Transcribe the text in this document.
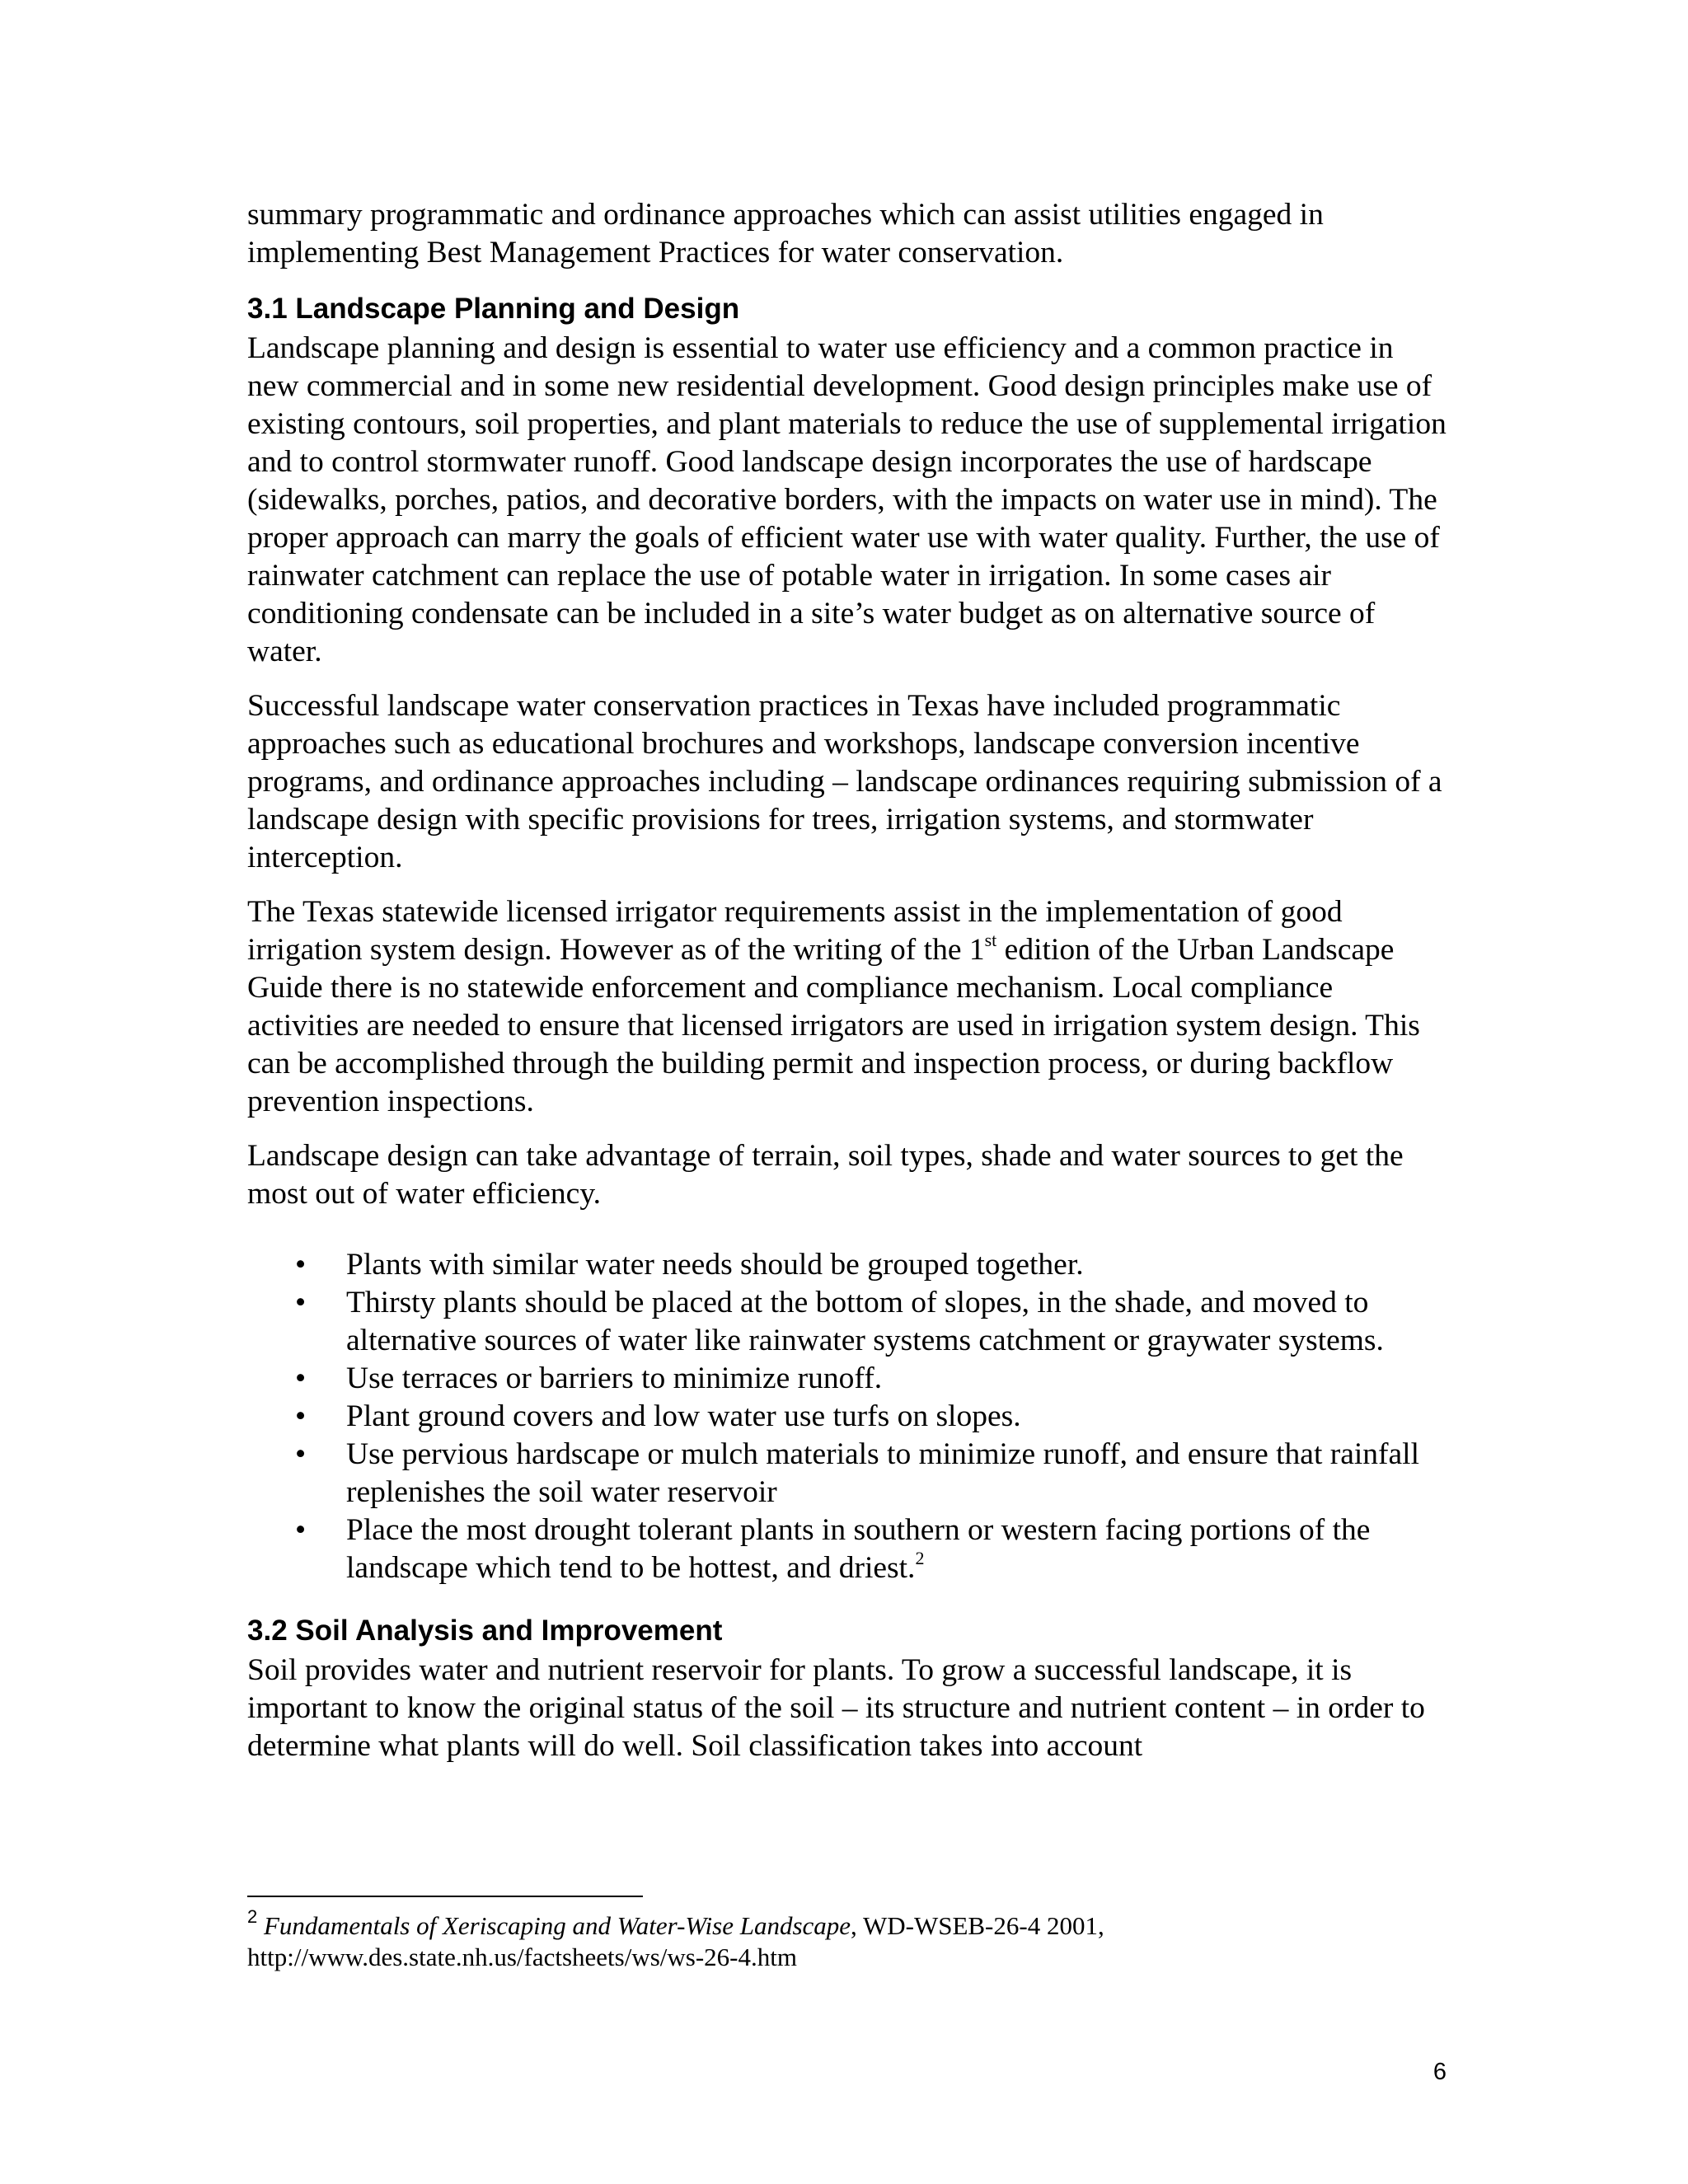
summary programmatic and ordinance approaches which can assist utilities engaged in implementing Best Management Practices for water conservation.

3.1 Landscape Planning and Design

Landscape planning and design is essential to water use efficiency and a common practice in new commercial and in some new residential development. Good design principles make use of existing contours, soil properties, and plant materials to reduce the use of supplemental irrigation and to control stormwater runoff. Good landscape design incorporates the use of hardscape (sidewalks, porches, patios, and decorative borders, with the impacts on water use in mind). The proper approach can marry the goals of efficient water use with water quality. Further, the use of rainwater catchment can replace the use of potable water in irrigation. In some cases air conditioning condensate can be included in a site’s water budget as on alternative source of water.

Successful landscape water conservation practices in Texas have included programmatic approaches such as educational brochures and workshops, landscape conversion incentive programs, and ordinance approaches including – landscape ordinances requiring submission of a landscape design with specific provisions for trees, irrigation systems, and stormwater interception.

The Texas statewide licensed irrigator requirements assist in the implementation of good irrigation system design. However as of the writing of the 1st edition of the Urban Landscape Guide there is no statewide enforcement and compliance mechanism. Local compliance activities are needed to ensure that licensed irrigators are used in irrigation system design. This can be accomplished through the building permit and inspection process, or during backflow prevention inspections.

Landscape design can take advantage of terrain, soil types, shade and water sources to get the most out of water efficiency.

• Plants with similar water needs should be grouped together.
• Thirsty plants should be placed at the bottom of slopes, in the shade, and moved to alternative sources of water like rainwater systems catchment or graywater systems.
• Use terraces or barriers to minimize runoff.
• Plant ground covers and low water use turfs on slopes.
• Use pervious hardscape or mulch materials to minimize runoff, and ensure that rainfall replenishes the soil water reservoir
• Place the most drought tolerant plants in southern or western facing portions of the landscape which tend to be hottest, and driest.$^2$
3.2 Soil Analysis and Improvement

Soil provides water and nutrient reservoir for plants. To grow a successful landscape, it is important to know the original status of the soil – its structure and nutrient content – in order to determine what plants will do well. Soil classification takes into account

$^2$ Fundamentals of Xeriscaping and Water-Wise Landscape, WD-WSEB-26-4 2001,
http://www.des.state.nh.us/factsheets/ws/ws-26-4.htm
6
